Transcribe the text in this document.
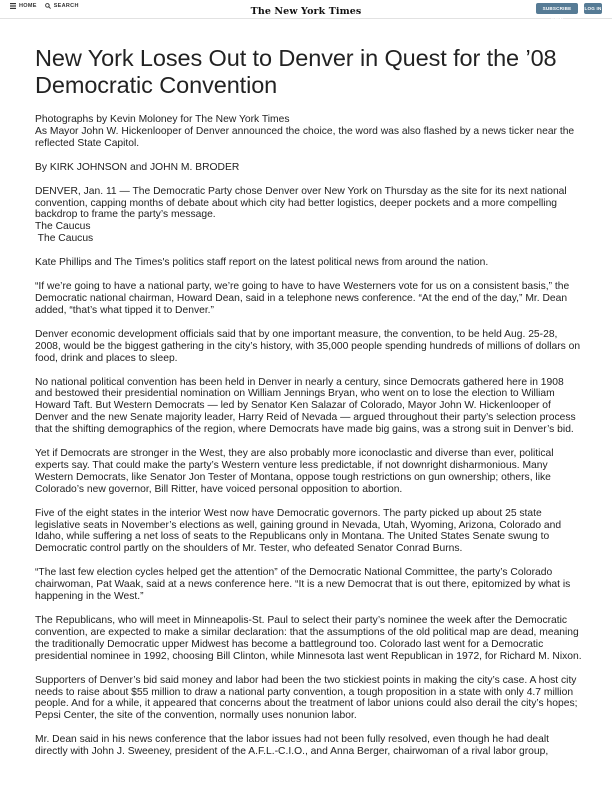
HOME	SEARCH	The New York Times	SUBSCRIBE NOW
LOG IN
New York Loses Out to Denver in Quest for the ’08 Democratic Convention

Photographs by Kevin Moloney for The New York Times

As Mayor John W. Hickenlooper of Denver announced the choice, the word was also flashed by a news ticker near the reflected State Capitol.

By KIRK JOHNSON and JOHN M. BRODER

DENVER, Jan. 11 — The Democratic Party chose Denver over New York on Thursday as the site for its next national convention, capping months of debate about which city had better logistics, deeper pockets and a more compelling backdrop to frame the party’s message.

The Caucus

The Caucus

Kate Phillips and The Times's politics staff report on the latest political news from around the nation.

“If we’re going to have a national party, we’re going to have to have Westerners vote for us on a consistent basis,” the Democratic national chairman, Howard Dean, said in a telephone news conference. “At the end of the day,” Mr. Dean added, “that’s what tipped it to Denver.”

Denver economic development officials said that by one important measure, the convention, to be held Aug. 25-28, 2008, would be the biggest gathering in the city’s history, with 35,000 people spending hundreds of millions of dollars on food, drink and places to sleep.

No national political convention has been held in Denver in nearly a century, since Democrats gathered here in 1908 and bestowed their presidential nomination on William Jennings Bryan, who went on to lose the election to William Howard Taft. But Western Democrats — led by Senator Ken Salazar of Colorado, Mayor John W. Hickenlooper of Denver and the new Senate majority leader, Harry Reid of Nevada — argued throughout their party’s selection process that the shifting demographics of the region, where Democrats have made big gains, was a strong suit in Denver’s bid.

Yet if Democrats are stronger in the West, they are also probably more iconoclastic and diverse than ever, political experts say. That could make the party’s Western venture less predictable, if not downright disharmonious. Many Western Democrats, like Senator Jon Tester of Montana, oppose tough restrictions on gun ownership; others, like Colorado’s new governor, Bill Ritter, have voiced personal opposition to abortion.

Five of the eight states in the interior West now have Democratic governors. The party picked up about 25 state legislative seats in November’s elections as well, gaining ground in Nevada, Utah, Wyoming, Arizona, Colorado and Idaho, while suffering a net loss of seats to the Republicans only in Montana. The United States Senate swung to Democratic control partly on the shoulders of Mr. Tester, who defeated Senator Conrad Burns.

“The last few election cycles helped get the attention” of the Democratic National Committee, the party’s Colorado chairwoman, Pat Waak, said at a news conference here. “It is a new Democrat that is out there, epitomized by what is happening in the West.”

The Republicans, who will meet in Minneapolis-St. Paul to select their party’s nominee the week after the Democratic convention, are expected to make a similar declaration: that the assumptions of the old political map are dead, meaning the traditionally Democratic upper Midwest has become a battleground too. Colorado last went for a Democratic presidential nominee in 1992, choosing Bill Clinton, while Minnesota last went Republican in 1972, for Richard M. Nixon.

Supporters of Denver’s bid said money and labor had been the two stickiest points in making the city’s case. A host city needs to raise about $55 million to draw a national party convention, a tough proposition in a state with only 4.7 million people. And for a while, it appeared that concerns about the treatment of labor unions could also derail the city’s hopes; Pepsi Center, the site of the convention, normally uses nonunion labor.

Mr. Dean said in his news conference that the labor issues had not been fully resolved, even though he had dealt directly with John J. Sweeney, president of the A.F.L.-C.I.O., and Anna Berger, chairwoman of a rival labor group,
